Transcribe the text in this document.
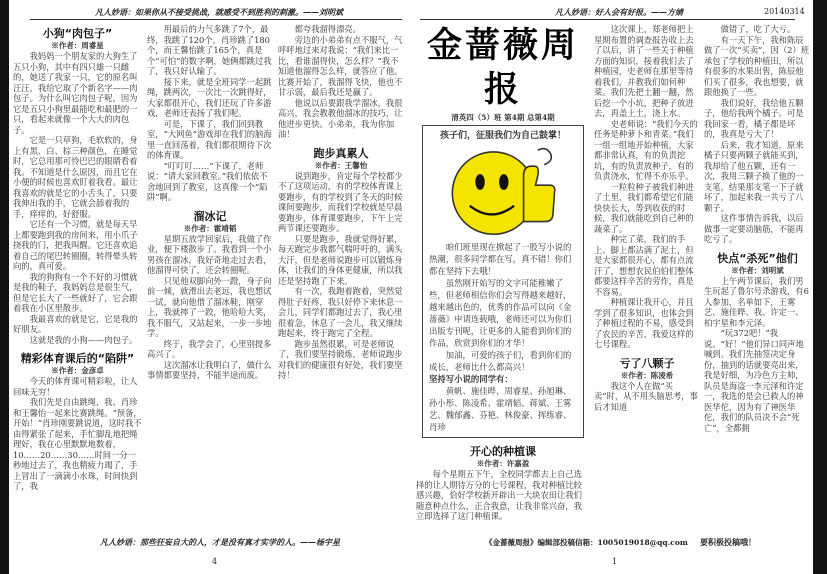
凡人妙语：如果你从不接受挑战，就感受不到胜利的刺激。——刘明斌	凡人妙语：好人会有好报。——方婧	20140314
小狗“肉包子”
※作者：周睿星

我妈妈一个朋友家的大狗生了五只小狗，其中有四只雄一只雌的，她送了我家一只，它的原名叫汪汪，我给它取了个新名字——肉包子。为什么叫它肉包子呢，因为它是五只小狗里最能吃和最肥的一只，看起来就像一个大大的肉包子。

它是一只草狗，毛软软的，身上有黑、白、棕三种颜色，在睡觉时，它总用那可怜巴巴的眼睛看着我。不知道是什么原因，而且它在小便的时候也喜欢盯着我看。最让我喜欢的就是它的小舌头了，只要我伸出我的手，它就会舔着我的手，痒痒的，好舒服。

它还有一个习惯，就是每天早上都要跑到我的房间来，用小爪子挠我的门，把我叫醒。它还喜欢追着自己的尾巴转圈圈，转得晕头转向的，真可爱。

我的狗狗有一个不好的习惯就是我的鞋子，我妈妈总是很生气，但是它长大了一些就好了，它会跟着我在小区里散步。

我最喜欢的就是它，它是我的好朋友。

这就是我的小狗——肉包子。

精彩体育课后的“陷阱”
※作者：金彦卓

今天的体育课可精彩啦，让人回味无穷！

我们先是自由跳绳，我、肖珍和王馨怡一起来比赛跳绳。“预备，开始！”肖珍刚要跳说道，这时我不由得紧张了起来，手忙脚乱地把绳理好，我在心里默默地数着，10……20……30……时间一分一秒地过去了，我也精疲力竭了，手上冒出了一滴滴小水珠，时间快到了，我

用最后的力气多跳了7个，最终，我跳了120个，肖珍跳了180个，而王馨怡跳了165个，真是个“可怕”的数字啊，她俩都跳过我了，我只好认输了。

接下来，就是全班同学一起跳绳，跳两次，一次比一次跳得好，大家都很开心，我们还玩了许多游戏，老师还表扬了我们呢。

可是，下课了，我们回到教室，“大网鱼”游戏却在我们的脑海里一直回荡着，我们都很期待下次的体育课。

“叮叮叮……”下课了，老师说：“请大家回教室。”我们依依不舍地回到了教室，这真像一个“陷阱”啊。

溜冰记
※作者：霍靖韬

星期五放学回家后，我做了作业，便下楼散步了。我看到一个小男孩在溜冰，我好奇地走过去看，他溜得可快了，还会转圈呢。

只见他双脚向外一蹬，身子向前一倾，就滑出去老远，我也想试一试，就向他借了溜冰鞋，刚穿上，我就摔了一跤，他哈哈大笑，我不服气，又站起来，一步一步地学。

终于，我学会了，心里别提多高兴了。

这次溜冰让我明白了，做什么事情都要坚持，不能半途而废。

都夸我溜得漂亮。

旁边的小弟弟有点不服气，气呼呼地过来对我说：“我们来比一比，看谁溜得快，怎么样？”我不知道他溜得怎么样，就答应了他。比赛开始了，我溜得飞快，他也不甘示弱，最后我还是赢了。

他说以后要跟我学溜冰，我很高兴，我会教教他溜冰的技巧，让他进步更快。小弟弟，我为你加油！

跑步真累人
※作者：王馨怡

说到跑步，肯定每个学校都少不了这项运动，有的学校体育课上要跑步，有的学校到了冬天的时候课间要跑步，而我们学校就是早晨要跑步，体育课要跑步，下午上完两节课还要跑步。

只要是跑步，我就觉得好累，每天跑完步我都气喘吁吁的，满头大汗，但是老师说跑步可以锻炼身体，让我们的身体更健康，所以我还是坚持跑了下来。

有一次，我跑着跑着，突然觉得肚子好疼，我只好停下来休息一会儿，同学们都跑过去了，我心里很着急，休息了一会儿，我又继续跑起来，终于跑完了全程。

跑步虽然很累，可是老师说了，我们要坚持锻炼，老师说跑步对我们的健康很有好处，我们要坚持！

金蔷薇周报
清英四（5）班 第4期 总第4期
孩子们，征服我们为自己鼓掌！

咱们班里现在掀起了一股写小说的热潮，很多同学都在写，真不错！你们都在坚持下去哦！

虽然刚开始写的文字可能稚嫩了些，但老师相信你们会写得越来越好，越来越出色的，优秀的作品可以向《金蔷薇》申请连载哦，老师还可以为你们出版专刊呢，让更多的人能看到你们的作品，欣赏到你们的才华！

加油，可爱的孩子们，看到你们的成长，老师比什么都高兴！

坚持写小说的同学有：

黄帆、施佳晔、周睿星、孙旭琳、孙小彤、陈凌希、霍靖韬、蒋斌、王雾艺、魏郁鑫、芬艳、林俊豪、挥练睿、肖珍

开心的种植课
※作者：许嘉盈

每个星期五下午，全校同学都去上自己选择的让人期待万分的七号课程，我对种植比较感兴趣，恰好学校新开辟出一大块农田让我们随意种点什么，正合我意，让我非常兴奋，我立即选择了这门种植课。

这次课上，郑老师把上星期布置的调查报告收上去了以后，讲了一些关于种植方面的知识，接着我们去了种植园，史老师在那里等待着我们，并教我们如何种菜。我们先把土翻一翻，然后挖一个小坑，把种子放进去，再盖上土，浇上水。

史老师说：“我们今天的任务是种萝卜和青菜。”我们一组一组地开始种植，大家都非常认真，有的负责挖坑，有的负责放种子，有的负责浇水，忙得不亦乐乎。

一粒粒种子被我们种进了土里，我们都希望它们能快快长大，等到收获的时候，我们就能吃到自己种的蔬菜了。

种完了菜，我们的手上、脚上都沾满了泥土，但是大家都很开心，都有点流汗了，想想农民伯伯们整体都要这样辛苦的劳作，真是不容易。

种植课让我开心，并且学到了很多知识，也体会到了种植过程的不易，感受到了农民的辛苦，我爱这样的七号课程。

亏了八颗子
※作者：陈凌希

我这个人在做“买卖”时，从不用头脑思考，事后才知道

做错了，吃了大亏。

有一天下午，我和陈辰做了一次“买卖”，因（2）班承包了学校的种植田，所以有很多的水果出售，陈辰他们买了很多，我也想要，就跟他换了一些。

我们说好，我给他五颗子，他给我两个橘子。可是我回家一看，橘子都是坏的，我真是亏大了！

后来，我才知道，原来橘子只要两颗子就能买到，我却给了他五颗，还有一次，我用三颗子换了他的一支笔，结果那支笔一下子就坏了，加起来我一共亏了八颗子。

这件事情告诉我，以后做事一定要动脑筋，不能再吃亏了。

快点“杀死”他们
※作者：刘明斌

上午两节课后，我们男生玩起了鲁尔号杀游戏，有6人参加，名单如下，王雾艺、施佳晔、我、许定一、柏宇星和李元泽。

“玩372吧！”我说。“好！”他们异口同声地喊到。我们先抽签决定身份，抽到的话就要亮出来，我是好细，为冷色方主帅，队员是海盗一李元泽和许定一，我选的是会已救人的神医华佗，因为有了神医华佗，我们的队员决不会“死亡”，全都拥

凡人妙语：那些狂妄自大的人，才是没有真才实学的人。——杨宇星	《金蔷薇周报》编辑部投稿信箱：1005019018@qq.com 要积极投稿哦！
4	1
